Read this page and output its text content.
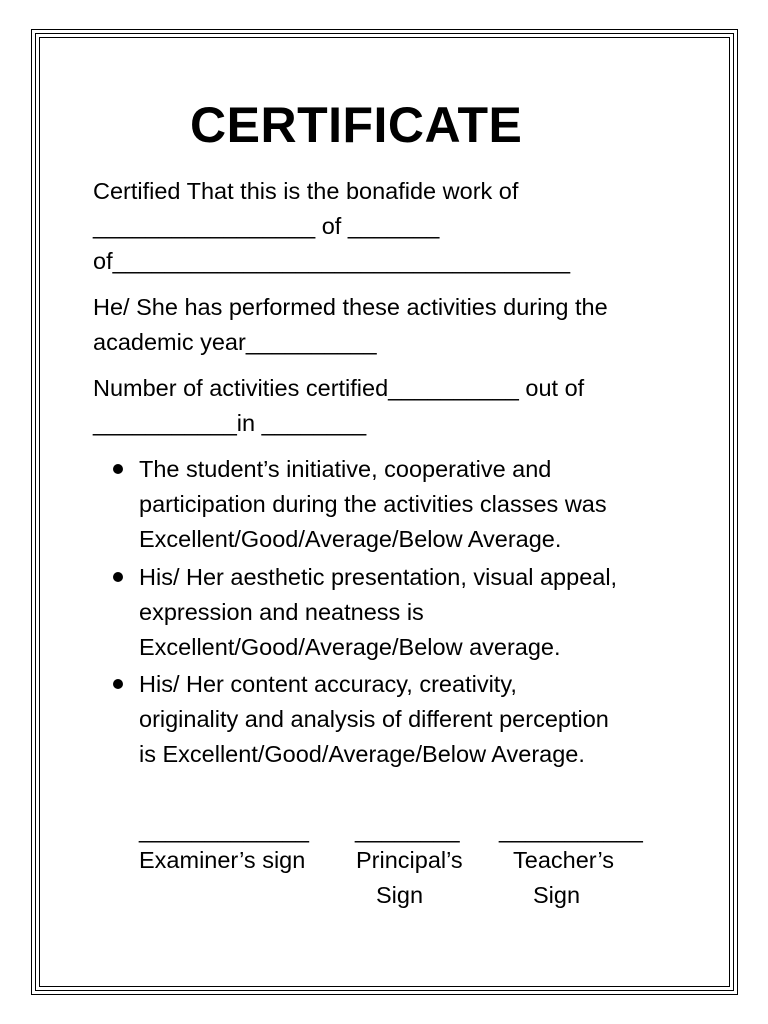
CERTIFICATE
Certified That this is the bonafide work of
_________________ of _______
of___________________________________
He/ She has performed these activities during the
academic year__________
Number of activities certified__________ out of
___________in ________
The student’s initiative, cooperative and
participation during the activities classes was
Excellent/Good/Average/Below Average.
His/ Her aesthetic presentation, visual appeal,
expression and neatness is
Excellent/Good/Average/Below average.
His/ Her content accuracy, creativity,
originality and analysis of different perception
is Excellent/Good/Average/Below Average.
_____________
Examiner’s sign
________
Principal’s
Sign
___________
Teacher’s
Sign
